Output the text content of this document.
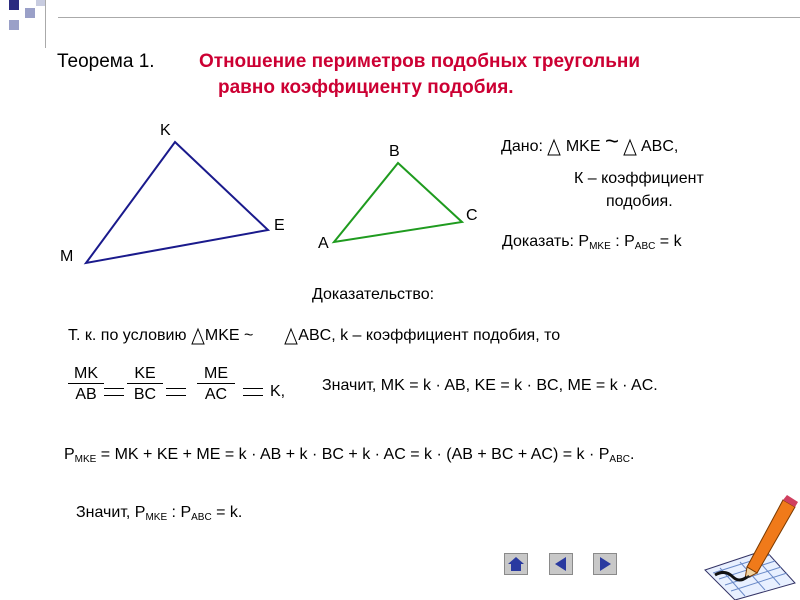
Теорема 1. Отношение периметров подобных треугольни
равно коэффициенту подобия.
K
E
M
B
C
A
Дано: MKE ~ ABC,
К – коэффициент
подобия.
Доказать: $P_{MKE}$ : $P_{ABC} = k$
Доказательство:
Т. к. по условию MKE ~	ABC, k – коэффициент подобия, то
$\frac{MK}{AB} \frac{KE}{BC} \frac{ME}{AC} K$, Значит, MK = k · AB, KE = k · BC, ME = k · AC.
$P_{MKE}$ = MK + KE + ME = k · AB + k · BC + k · AC = k · (AB + BC + $AC) = k \cdot P_{ABC}$.
Значит, $P_{MKE}$ : $P_{ABC} = k$.
